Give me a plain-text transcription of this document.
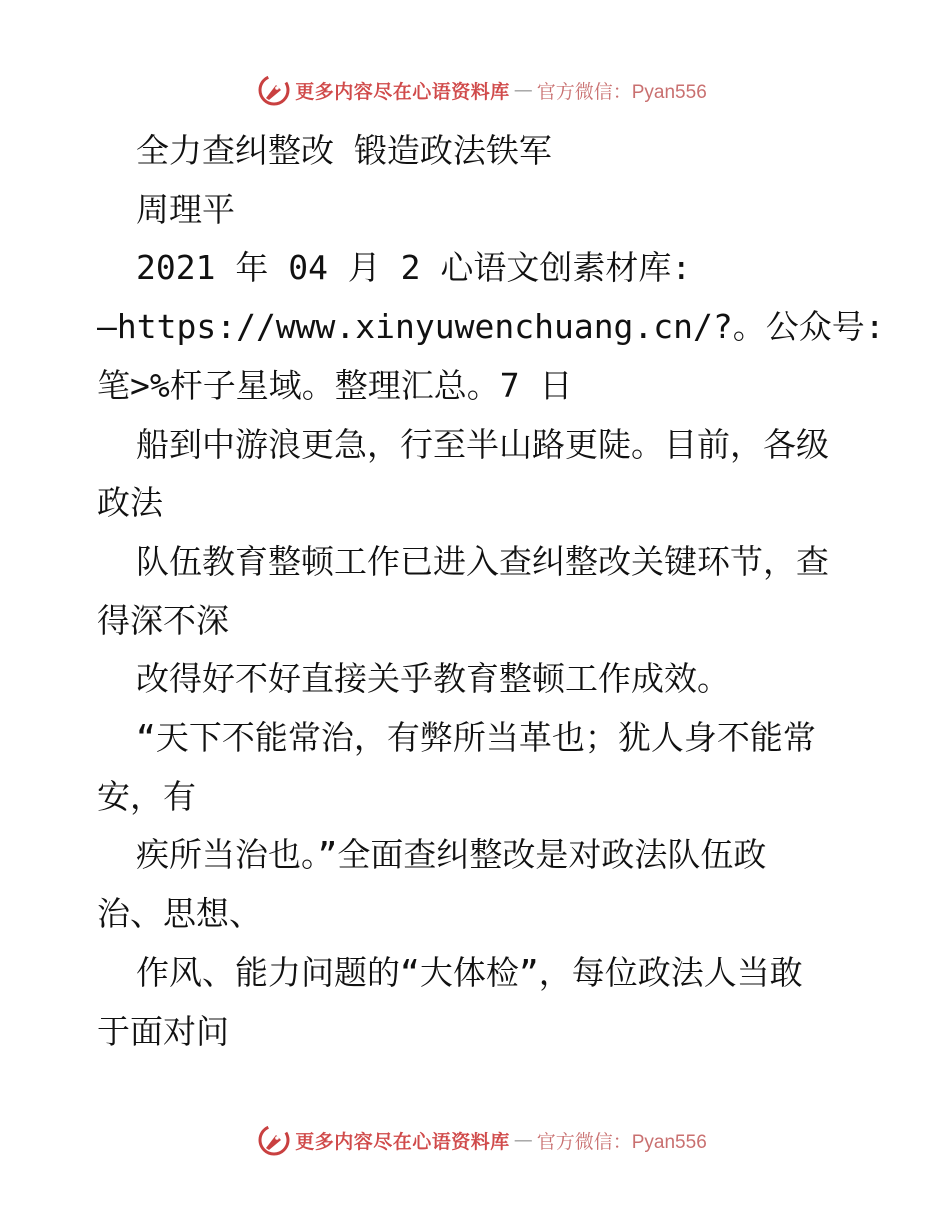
更多内容尽在心语资料库 — 官方微信：Pyan556

全力查纠整改 锻造政法铁军

周理平

2021 年 04 月 2 心语文创素材库:

—https://www.xinyuwenchuang.cn/?。公众号:

笔>%杆子星域。整理汇总。7 日

船到中游浪更急，行至半山路更陡。目前，各级

政法

队伍教育整顿工作已进入查纠整改关键环节，查

得深不深

改得好不好直接关乎教育整顿工作成效。

“天下不能常治，有弊所当革也；犹人身不能常

安，有

疾所当治也。”全面查纠整改是对政法队伍政

治、思想、

作风、能力问题的“大体检”，每位政法人当敢

于面对问

更多内容尽在心语资料库 — 官方微信：Pyan556
